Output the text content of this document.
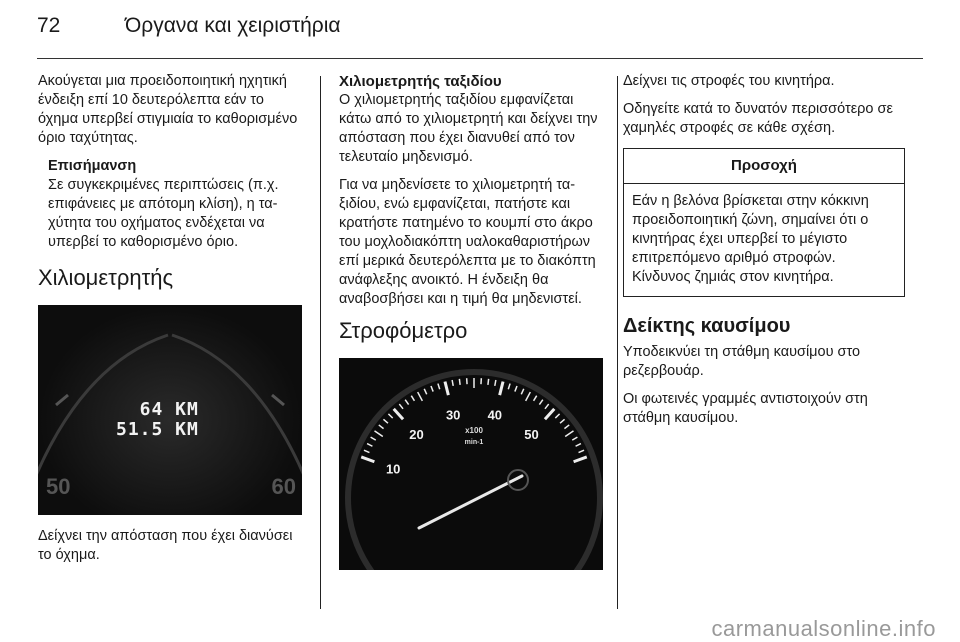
72	Όργανα και χειριστήρια

Ακούγεται μια προειδοποιητική ηχητική ένδειξη επί 10 δευτερόλεπτα εάν το όχημα υπερβεί στιγμιαία το καθορισμένο όριο ταχύτητας.

Επισήμανση
Σε συγκεκριμένες περιπτώσεις (π.χ. επιφάνειες με απότομη κλίση), η ταχύτητα του οχήματος ενδέχεται να υπερβεί το καθορισμένο όριο.
Χιλιομετρητής
64 KM
51.5 KM
50	60

Δείχνει την απόσταση που έχει διανύσει το όχημα.

Χιλιομετρητής ταξιδίου

Ο χιλιομετρητής ταξιδίου εμφανίζεται κάτω από το χιλιομετρητή και δείχνει την απόσταση που έχει διανυθεί από τον τελευταίο μηδενισμό.

Για να μηδενίσετε το χιλιομετρητή ταξιδίου, ενώ εμφανίζεται, πατήστε και κρατήστε πατημένο το κουμπί στο άκρο του μοχλοδιακόπτη υαλοκαθαριστήρων επί μερικά δευτερόλεπτα με το διακόπτη ανάφλεξης ανοικτό. Η ένδειξη θα αναβοσβήσει και η τιμή θα μηδενιστεί.

Στροφόμετρο
x100
min-1
10
20
30 40
50

Δείχνει τις στροφές του κινητήρα.

Οδηγείτε κατά το δυνατόν περισσότερο σε χαμηλές στροφές σε κάθε σχέση.

Προσοχή
Εάν η βελόνα βρίσκεται στην κόκκινη προειδοποιητική ζώνη, σημαίνει ότι ο κινητήρας έχει υπερβεί το μέγιστο επιτρεπόμενο αριθμό στροφών. Κίνδυνος ζημιάς στον κινητήρα.
Δείκτης καυσίμου

Υποδεικνύει τη στάθμη καυσίμου στο ρεζερβουάρ.

Οι φωτεινές γραμμές αντιστοιχούν στη στάθμη καυσίμου.

carmanualsonline.info
